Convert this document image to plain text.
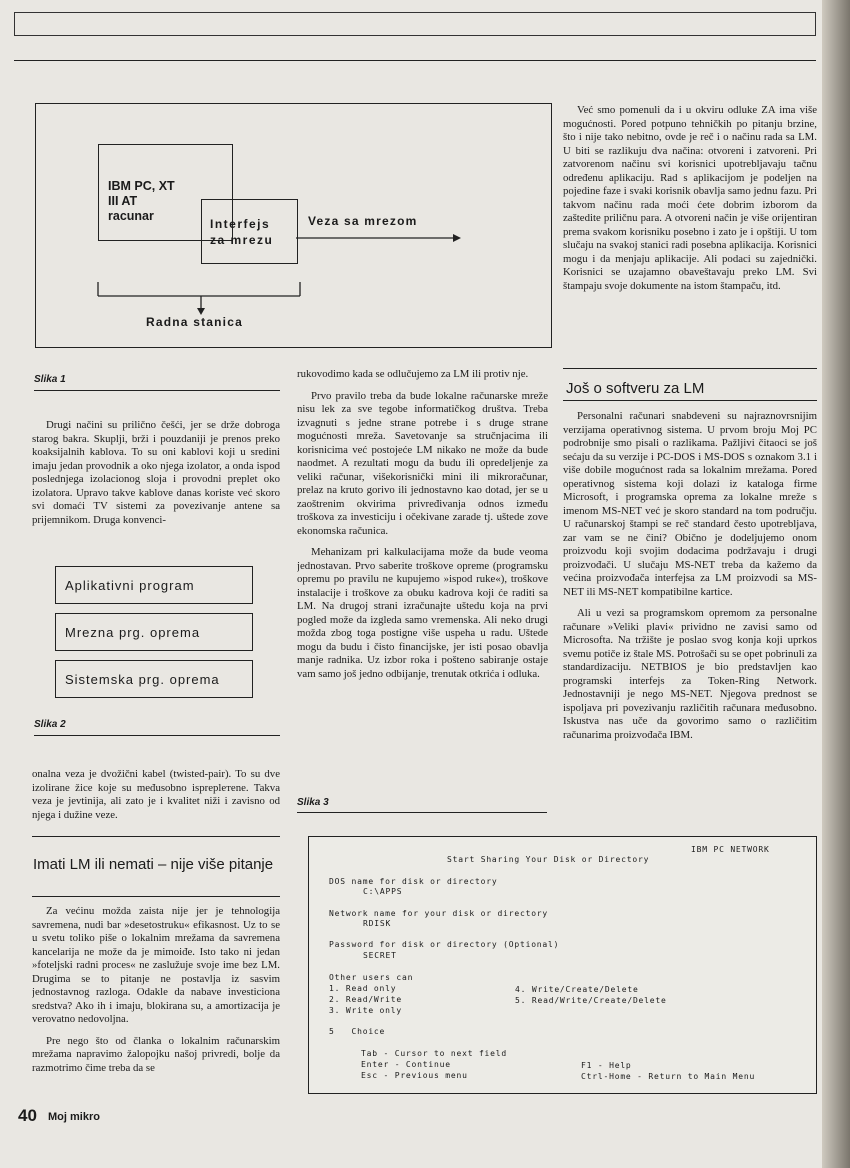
IBM PC, XT
III AT
racunar
Interfejs
za mrezu
Veza sa mrezom
Radna stanica
Slika 1

Već smo pomenuli da i u okviru odluke ZA ima više mogućnosti. Pored potpuno tehničkih po pitanju brzine, što i nije tako nebitno, ovde je reč i o načinu rada sa LM. U biti se razlikuju dva načina: otvoreni i zatvoreni. Pri zatvorenom načinu svi korisnici upotrebljavaju tačnu određenu aplikaciju. Rad s aplikacijom je podeljen na pojedine faze i svaki korisnik obavlja samo jednu fazu. Pri takvom načinu rada moći ćete dobrim izborom da zaštedite priličnu para. A otvoreni način je više orijentiran prema svakom korisniku posebno i zato je i opštiji. U tom slučaju na svakoj stanici radi posebna aplikacija. Korisnici mogu i da menjaju aplikacije. Ali podaci su zajednički. Korisnici se uzajamno obaveštavaju preko LM. Svi štampaju svoje dokumente na istom štampaču, itd.

Drugi načini su prilično češći, jer se drže dobroga starog bakra. Skuplji, brži i pouzdaniji je prenos preko koaksijalnih kablova. To su oni kablovi koji u sredini imaju jedan provodnik a oko njega izolator, a onda ispod poslednjega izolacionog sloja i provodni preplet oko izolatora. Upravo takve kablove danas koriste već skoro svi domaći TV sistemi za povezivanje antene sa prijemnikom. Druga konvenci-

Aplikativni program
Mrezna prg. oprema
Sistemska prg. oprema
Slika 2

onalna veza je dvožični kabel (twisted-pair). To su dve izolirane žice koje su međusobno ispreplетene. Takva veza je jevtinija, ali zato je i kvalitet niži i zavisno od njega i dužine veze.

Imati LM ili nemati – nije više pitanje

Za većinu možda zaista nije jer je tehnologija savremena, nudi bar »desetostruku« efikasnost. Uz to se u svetu toliko piše o lokalnim mrežama da savremena kancelarija ne može da je mimoiđe. Isto tako ni jedan »foteljski radni proces« ne zaslužuje svoje ime bez LM. Drugima se to pitanje ne postavlja iz sasvim jednostavnog razloga. Odakle da nabave investiciona sredstva? Ako ih i imaju, blokirana su, a amortizacija je verovatno nedovoljna.

Pre nego što od članka o lokalnim računarskim mrežama napravimo žalopojku našoj privredi, bolje da razmotrimo čime treba da se

rukovodimo kada se odlučujemo za LM ili protiv nje.

Prvo pravilo treba da bude lokalne računarske mreže nisu lek za sve tegobe informatičkog društva. Treba izvagnuti s jedne strane potrebe i s druge strane mogućnosti mreža. Savetovanje sa stručnjacima ili korisnicima već postojeće LM nikako ne može da bude naodmet. A rezultati mogu da budu ili opredeljenje za veliki računar, višekorisnički mini ili mikroračunar, prelaz na kruto gorivo ili jednostavno kao dotad, jer se u zaoštrenim okvirima privređivanja odnos između troškova za investiciju i očekivane zarade tj. uštede zove ekonomska računica.

Mehanizam pri kalkulacijama može da bude veoma jednostavan. Prvo saberite troškove opreme (programsku opremu po pravilu ne kupujemo »ispod ruke«), troškove instalacije i troškove za obuku kadrova koji će raditi sa LM. Na drugoj strani izračunajte uštedu koja na prvi pogled može da izgleda samo vremenska. Ali neko drugi možda zbog toga postigne više uspeha u radu. Uštede mogu da budu i čisto financijske, jer isti posao obavlja manje radnika. Uz izbor roka i pošteno sabiranje ostaje vam samo još jedno odbijanje, trenutak otkrića i odluka.

Slika 3
Još o softveru za LM

Personalni računari snabdeveni su najraznovrsnijim verzijama operativnog sistema. U prvom broju Moj PC podrobnije smo pisali o razlikama. Pažljivi čitaoci se još sećaju da su verzije i PC-DOS i MS-DOS s oznakom 3.1 i više dobile mogućnost rada sa lokalnim mrežama. Pored operativnog sistema koji dolazi iz kataloga firme Microsoft, i programska oprema za lokalne mreže s imenom MS-NET već je skoro standard na tom području. U računarskoj štampi se reč standard često upotrebljava, zar vam se ne čini? Obično je dodeljujemo onom proizvodu koji svojim dodacima podržavaju i drugi proizvođači. U slučaju MS-NET treba da kažemo da većina proizvođača interfejsa za LM proizvodi sa MS-NET ili MS-NET kompatibilne kartice.

Ali u vezi sa programskom opremom za personalne računare »Veliki plavi« prividno ne zavisi samo od Microsofta. Na tržište je poslao svog konja koji uprkos svemu potiče iz štale MS. Potrošači su se opet pobrinuli za standardizaciju. NETBIOS je bio predstavljen kao programski interfejs za Token-Ring Network. Jednostavniji je nego MS-NET. Njegova prednost se ispoljava pri povezivanju različitih računara međusobno. Iskustva nas uče da govorimo samo o različitim računarima proizvođača IBM.

IBM PC NETWORK
Start Sharing Your Disk or Directory
DOS name for disk or directory
C:\APPS
Network name for your disk or directory
RDISK
Password for disk or directory (Optional)
SECRET
Other users can
1. Read only
2. Read/Write
3. Write only
4. Write/Create/Delete
5. Read/Write/Create/Delete
5   Choice
Tab - Cursor to next field
Enter - Continue
Esc - Previous menu
F1 - Help
Ctrl-Home - Return to Main Menu
40 Moj mikro
